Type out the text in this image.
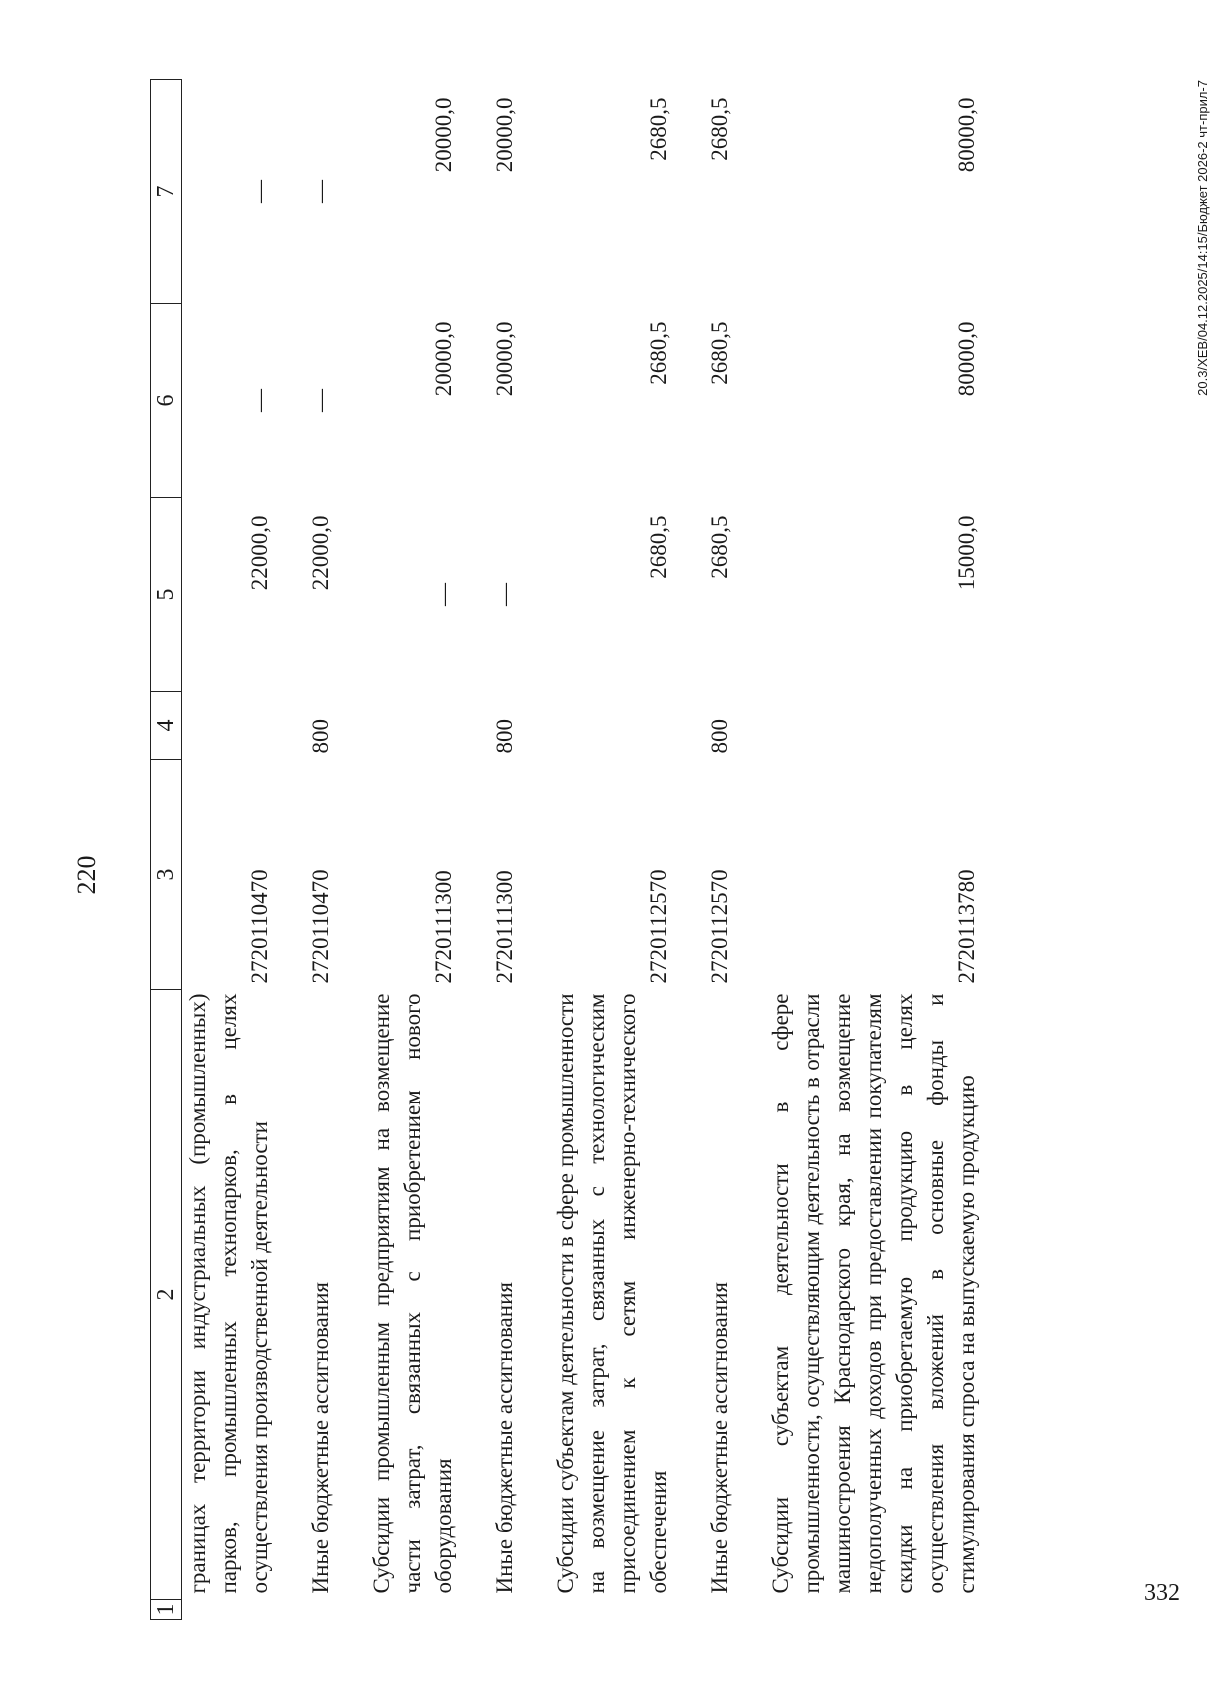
220
1	2	3	4	5	6	7
	границах территории индустриальных (промышленных) парков, промышленных технопарков, в целях осуществления производственной деятельности	2720110470		22000,0	—	—

	Иные бюджетные ассигнования	2720110470	800	22000,0	—	—

	Субсидии промышленным предприятиям на возмещение части затрат, связанных с приобретением нового оборудования	2720111300		—	20000,0	20000,0

	Иные бюджетные ассигнования	2720111300	800	—	20000,0	20000,0

	Субсидии субъектам деятельности в сфере промышленности на возмещение затрат, связанных с технологическим присоединением к сетям инженерно-технического обеспечения	2720112570		2680,5	2680,5	2680,5

	Иные бюджетные ассигнования	2720112570	800	2680,5	2680,5	2680,5

	Субсидии субъектам деятельности в сфере промышленности, осуществляющим деятельность в отрасли машиностроения Краснодарского края, на возмещение недополученных доходов при предоставлении покупателям скидки на приобретаемую продукцию в целях осуществления вложений в основные фонды и стимулирования спроса на выпускаемую продукцию	2720113780		15000,0	80000,0	80000,0	20.3/XEB/04.12.2025/14:15/Бюджет 2026-2 чт-прил-7
332
